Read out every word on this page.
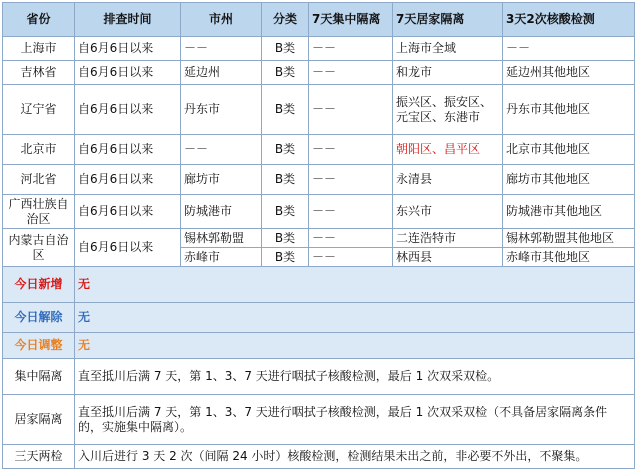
省份	排查时间	市州	分类	7天集中隔离	7天居家隔离	3天2次核酸检测
上海市	自6月6日以来	－－	B类	－－	上海市全域	－－
吉林省	自6月6日以来	延边州	B类	－－	和龙市	延边州其他地区
辽宁省	自6月6日以来	丹东市	B类	－－	振兴区、振安区、元宝区、东港市	丹东市其他地区
北京市	自6月6日以来	－－	B类	－－	朝阳区、昌平区	北京市其他地区
河北省	自6月6日以来	廊坊市	B类	－－	永清县	廊坊市其他地区
广西壮族自治区	自6月6日以来	防城港市	B类	－－	东兴市	防城港市其他地区
内蒙古自治区	自6月6日以来	锡林郭勒盟	B类	－－	二连浩特市	锡林郭勒盟其他地区
		赤峰市	B类	－－	林西县	赤峰市其他地区
今日新增	无					
今日解除	无					
今日调整	无					
集中隔离	直至抵川后满 7 天，第 1、3、7 天进行咽拭子核酸检测，最后 1 次双采双检。					
居家隔离	直至抵川后满 7 天，第 1、3、7 天进行咽拭子核酸检测，最后 1 次双采双检（不具备居家隔离条件的，实施集中隔离）。					
三天两检	入川后进行 3 天 2 次（间隔 24 小时）核酸检测，检测结果未出之前，非必要不外出，不聚集。					
